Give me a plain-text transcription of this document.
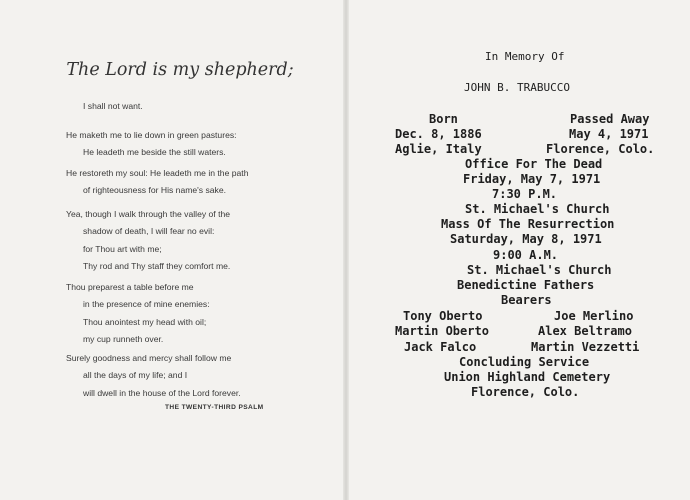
The Lord is my shepherd;
I shall not want.
He maketh me to lie down in green pastures:
He leadeth me beside the still waters.
He restoreth my soul: He leadeth me in the path
of righteousness for His name's sake.
Yea, though I walk through the valley of the
shadow of death, I will fear no evil:
for Thou art with me;
Thy rod and Thy staff they comfort me.
Thou preparest a table before me
in the presence of mine enemies:
Thou anointest my head with oil;
my cup runneth over.
Surely goodness and mercy shall follow me
all the days of my life; and I
will dwell in the house of the Lord forever.
THE TWENTY-THIRD PSALM
In Memory Of
JOHN B. TRABUCCO
Born	Passed Away
Dec. 8, 1886	May 4, 1971
Aglie, Italy	Florence, Colo.
Office For The Dead
Friday, May 7, 1971
7:30 P.M.
St. Michael's Church
Mass Of The Resurrection
Saturday, May 8, 1971
9:00 A.M.
St. Michael's Church
Benedictine Fathers
Bearers
Tony Oberto	Joe Merlino
Martin Oberto	Alex Beltramo
Jack Falco	Martin Vezzetti
Concluding Service
Union Highland Cemetery
Florence, Colo.
